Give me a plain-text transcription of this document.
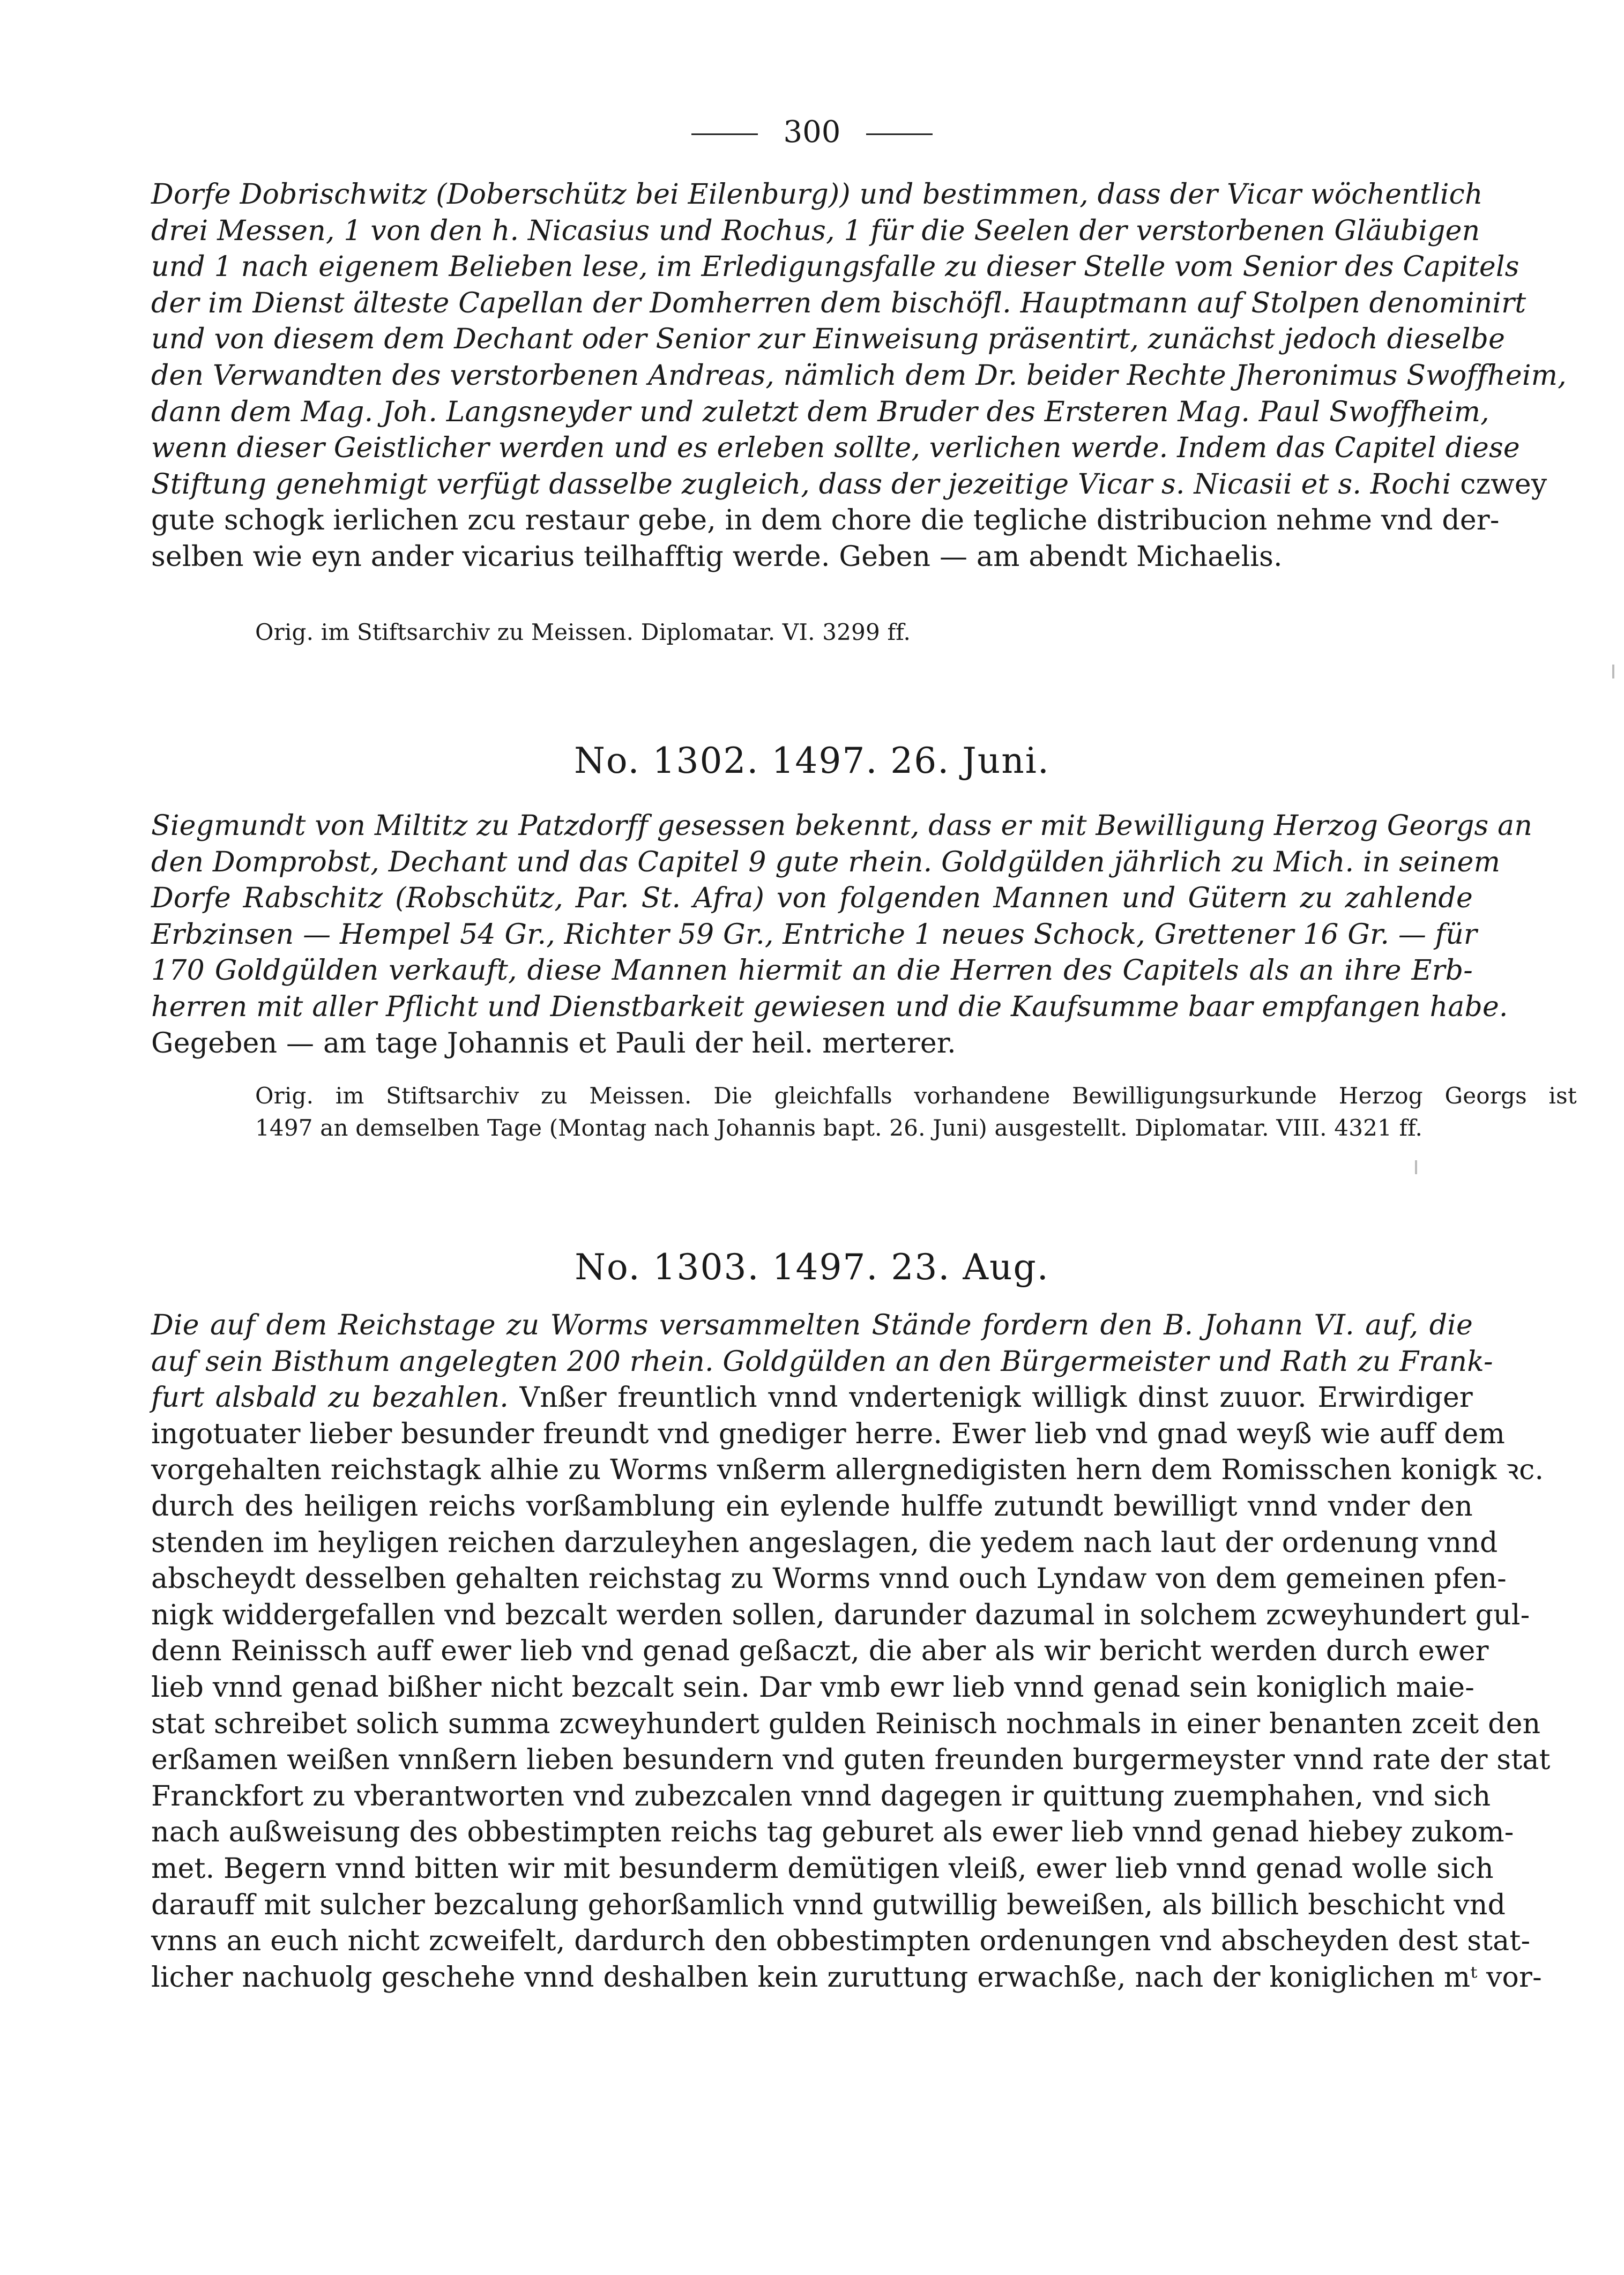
300
Dorfe Dobrischwitz (Doberschütz bei Eilenburg)) und bestimmen, dass der Vicar wöchentlich
drei Messen, 1 von den h. Nicasius und Rochus, 1 für die Seelen der verstorbenen Gläubigen
und 1 nach eigenem Belieben lese, im Erledigungsfalle zu dieser Stelle vom Senior des Capitels
der im Dienst älteste Capellan der Domherren dem bischöfl. Hauptmann auf Stolpen denominirt
und von diesem dem Dechant oder Senior zur Einweisung präsentirt, zunächst jedoch dieselbe
den Verwandten des verstorbenen Andreas, nämlich dem Dr. beider Rechte Jheronimus Swoffheim,
dann dem Mag. Joh. Langsneyder und zuletzt dem Bruder des Ersteren Mag. Paul Swoffheim,
wenn dieser Geistlicher werden und es erleben sollte, verlichen werde. Indem das Capitel diese
Stiftung genehmigt verfügt dasselbe zugleich, dass der jezeitige Vicar s. Nicasii et s. Rochi czwey
gute schogk ierlichen zcu restaur gebe, in dem chore die tegliche distribucion nehme vnd der-
selben wie eyn ander vicarius teilhafftig werde. Geben — am abendt Michaelis.
Orig. im Stiftsarchiv zu Meissen. Diplomatar. VI. 3299 ff.
No. 1302. 1497. 26. Juni.
Siegmundt von Miltitz zu Patzdorff gesessen bekennt, dass er mit Bewilligung Herzog Georgs an
den Domprobst, Dechant und das Capitel 9 gute rhein. Goldgülden jährlich zu Mich. in seinem
Dorfe Rabschitz (Robschütz, Par. St. Afra) von folgenden Mannen und Gütern zu zahlende
Erbzinsen — Hempel 54 Gr., Richter 59 Gr., Entriche 1 neues Schock, Grettener 16 Gr. — für
170 Goldgülden verkauft, diese Mannen hiermit an die Herren des Capitels als an ihre Erb-
herren mit aller Pflicht und Dienstbarkeit gewiesen und die Kaufsumme baar empfangen habe.
Gegeben — am tage Johannis et Pauli der heil. merterer.
Orig. im Stiftsarchiv zu Meissen. Die gleichfalls vorhandene Bewilligungsurkunde Herzog Georgs ist
1497 an demselben Tage (Montag nach Johannis bapt. 26. Juni) ausgestellt. Diplomatar. VIII. 4321 ff.
No. 1303. 1497. 23. Aug.
Die auf dem Reichstage zu Worms versammelten Stände fordern den B. Johann VI. auf, die
auf sein Bisthum angelegten 200 rhein. Goldgülden an den Bürgermeister und Rath zu Frank-
furt alsbald zu bezahlen. Vnßer freuntlich vnnd vndertenigk willigk dinst zuuor. Erwirdiger
ingotuater lieber besunder freundt vnd gnediger herre. Ewer lieb vnd gnad weyß wie auff dem
vorgehalten reichstagk alhie zu Worms vnßerm allergnedigisten hern dem Romisschen konigk ꝛc.
durch des heiligen reichs vorßamblung ein eylende hulffe zutundt bewilligt vnnd vnder den
stenden im heyligen reichen darzuleyhen angeslagen, die yedem nach laut der ordenung vnnd
abscheydt desselben gehalten reichstag zu Worms vnnd ouch Lyndaw von dem gemeinen pfen-
nigk widdergefallen vnd bezcalt werden sollen, darunder dazumal in solchem zcweyhundert gul-
denn Reinissch auff ewer lieb vnd genad geßaczt, die aber als wir bericht werden durch ewer
lieb vnnd genad bißher nicht bezcalt sein. Dar vmb ewr lieb vnnd genad sein koniglich maie-
stat schreibet solich summa zcweyhundert gulden Reinisch nochmals in einer benanten zceit den
erßamen weißen vnnßern lieben besundern vnd guten freunden burgermeyster vnnd rate der stat
Franckfort zu vberantworten vnd zubezcalen vnnd dagegen ir quittung zuemphahen, vnd sich
nach außweisung des obbestimpten reichs tag geburet als ewer lieb vnnd genad hiebey zukom-
met. Begern vnnd bitten wir mit besunderm demütigen vleiß, ewer lieb vnnd genad wolle sich
darauff mit sulcher bezcalung gehorßamlich vnnd gutwillig beweißen, als billich beschicht vnd
vnns an euch nicht zcweifelt, dardurch den obbestimpten ordenungen vnd abscheyden dest stat-
licher nachuolg geschehe vnnd deshalben kein zuruttung erwachße, nach der koniglichen mᵗ vor-
